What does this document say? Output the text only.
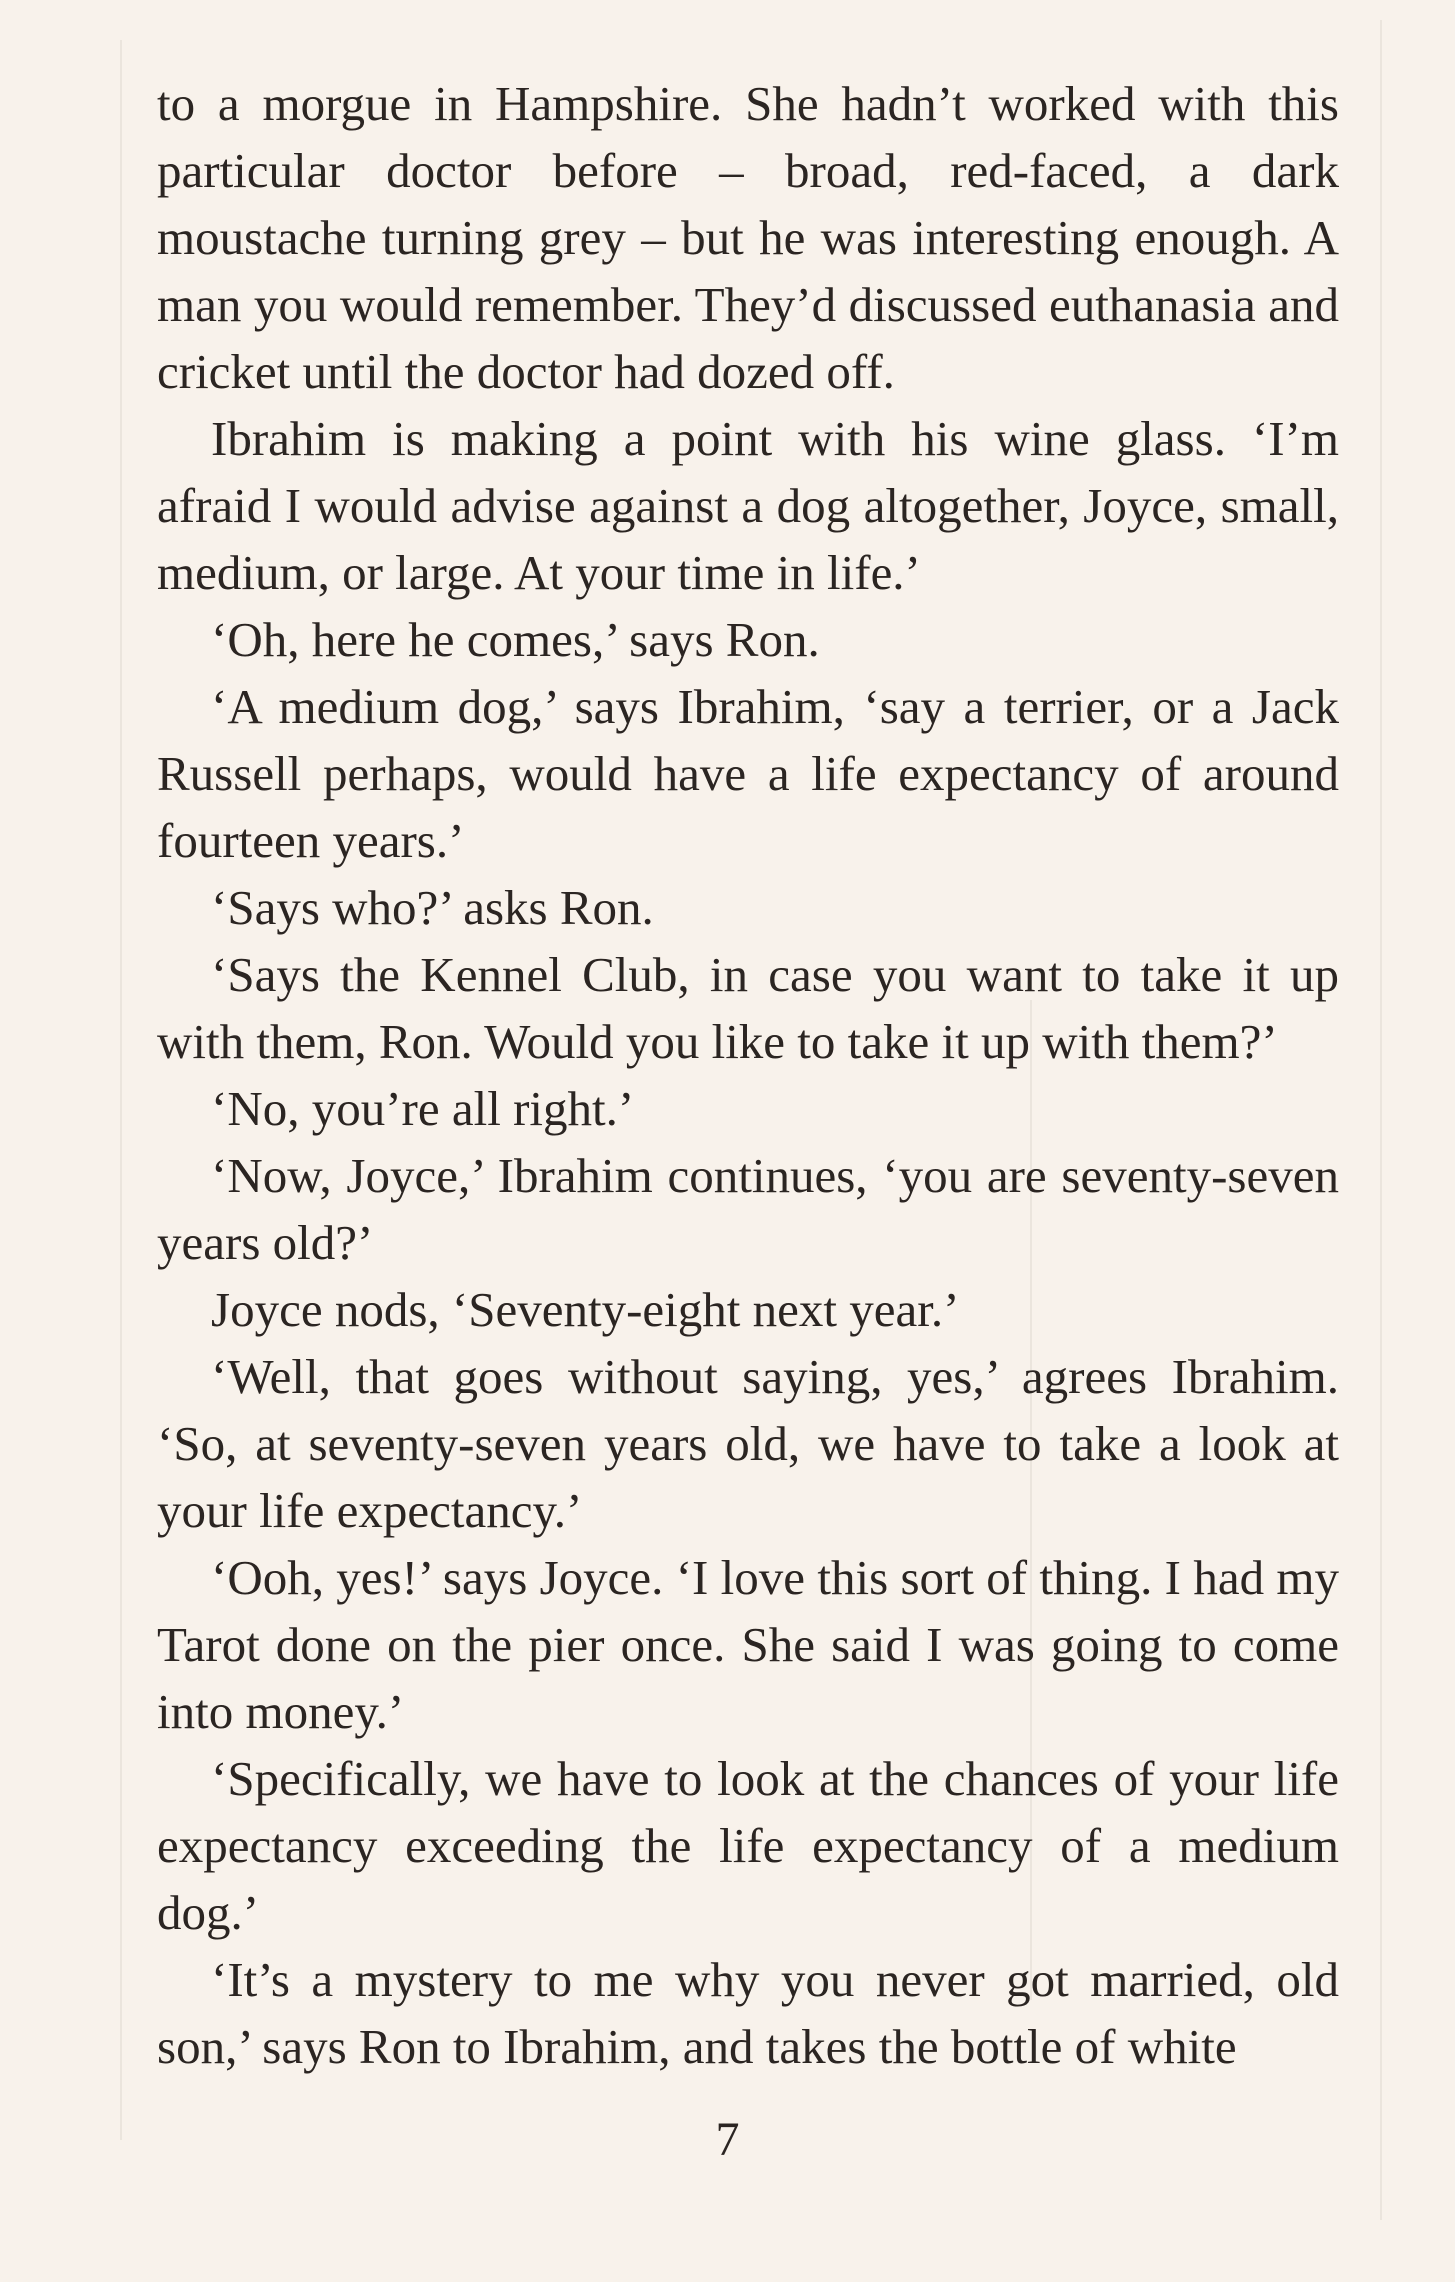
to a morgue in Hampshire. She hadn’t worked with this particular doctor before – broad, red-faced, a dark moustache turning grey – but he was interesting enough. A man you would remember. They’d discussed euthanasia and cricket until the doctor had dozed off.

Ibrahim is making a point with his wine glass. ‘I’m afraid I would advise against a dog altogether, Joyce, small, medium, or large. At your time in life.’

‘Oh, here he comes,’ says Ron.

‘A medium dog,’ says Ibrahim, ‘say a terrier, or a Jack Russell perhaps, would have a life expectancy of around fourteen years.’

‘Says who?’ asks Ron.

‘Says the Kennel Club, in case you want to take it up with them, Ron. Would you like to take it up with them?’

‘No, you’re all right.’

‘Now, Joyce,’ Ibrahim continues, ‘you are seventy-seven years old?’

Joyce nods, ‘Seventy-eight next year.’

‘Well, that goes without saying, yes,’ agrees Ibrahim. ‘So, at seventy-seven years old, we have to take a look at your life expectancy.’

‘Ooh, yes!’ says Joyce. ‘I love this sort of thing. I had my Tarot done on the pier once. She said I was going to come into money.’

‘Specifically, we have to look at the chances of your life expectancy exceeding the life expectancy of a medium dog.’

‘It’s a mystery to me why you never got married, old son,’ says Ron to Ibrahim, and takes the bottle of white

7
